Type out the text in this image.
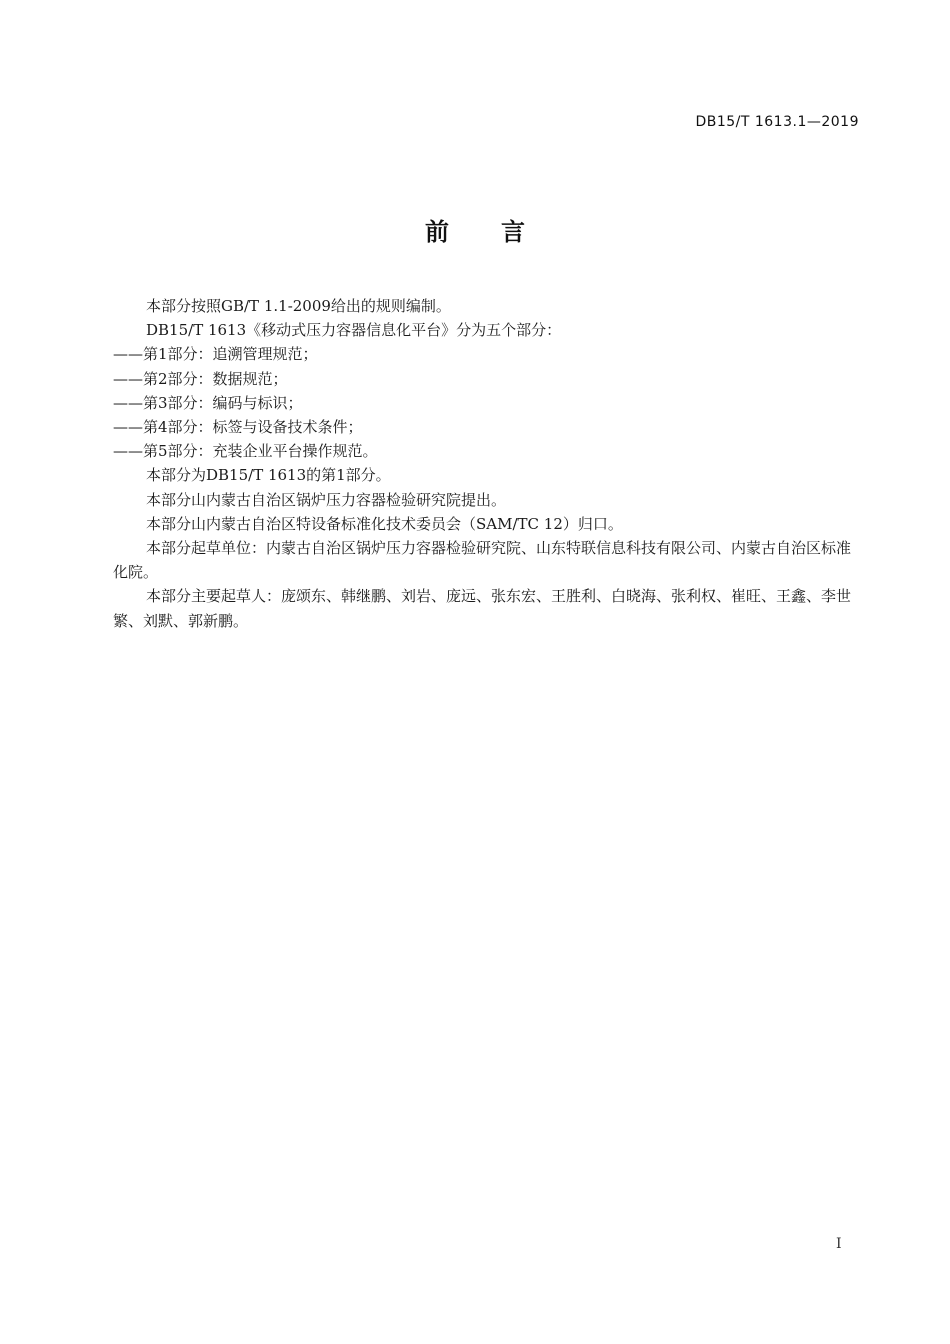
DB15/T 1613.1—2019
前言

本部分按照GB/T 1.1-2009给出的规则编制。

DB15/T 1613《移动式压力容器信息化平台》分为五个部分：

——第1部分：追溯管理规范；

——第2部分：数据规范；

——第3部分：编码与标识；

——第4部分：标签与设备技术条件；

——第5部分：充装企业平台操作规范。

本部分为DB15/T 1613的第1部分。

本部分山内蒙古自治区锅炉压力容器检验研究院提出。

本部分山内蒙古自治区特设备标准化技术委员会（SAM/TC 12）归口。

本部分起草单位：内蒙古自治区锅炉压力容器检验研究院、山东特联信息科技有限公司、内蒙古自治区标准化院。

本部分主要起草人：庞颂东、韩继鹏、刘岩、庞远、张东宏、王胜利、白晓海、张利权、崔旺、王鑫、李世繁、刘默、郭新鹏。

I
